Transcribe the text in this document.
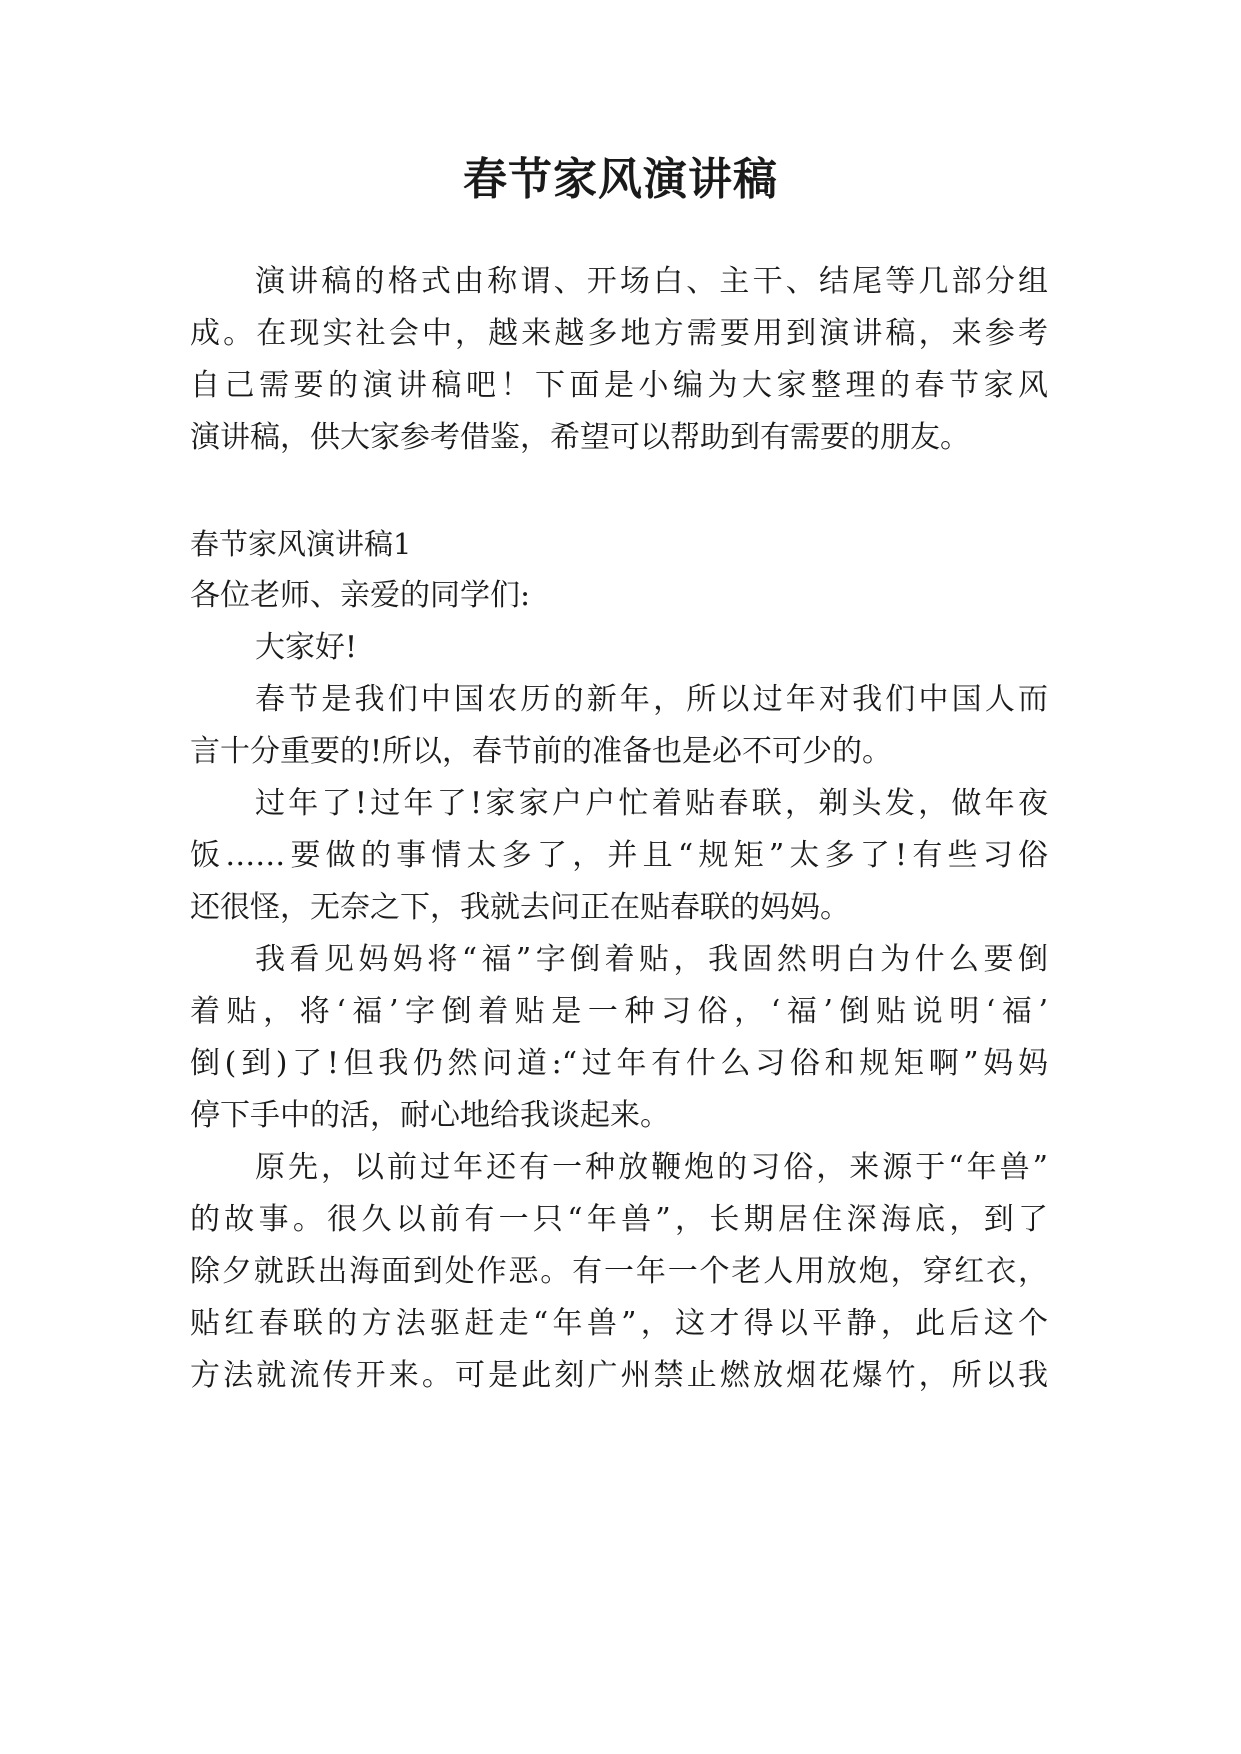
春节家风演讲稿

演讲稿的格式由称谓、开场白、主干、结尾等几部分组

成。在现实社会中，越来越多地方需要用到演讲稿，来参考

自己需要的演讲稿吧！下面是小编为大家整理的春节家风

演讲稿，供大家参考借鉴，希望可以帮助到有需要的朋友。

春节家风演讲稿1

各位老师、亲爱的同学们:

大家好!

春节是我们中国农历的新年，所以过年对我们中国人而

言十分重要的!所以，春节前的准备也是必不可少的。

过年了!过年了!家家户户忙着贴春联，剃头发，做年夜

饭……要做的事情太多了，并且“规矩”太多了!有些习俗

还很怪，无奈之下，我就去问正在贴春联的妈妈。

我看见妈妈将“福”字倒着贴，我固然明白为什么要倒

着贴，将‘福’字倒着贴是一种习俗，‘福’倒贴说明‘福’

倒(到)了!但我仍然问道:“过年有什么习俗和规矩啊”妈妈

停下手中的活，耐心地给我谈起来。

原先，以前过年还有一种放鞭炮的习俗，来源于“年兽”

的故事。很久以前有一只“年兽”，长期居住深海底，到了

除夕就跃出海面到处作恶。有一年一个老人用放炮，穿红衣，

贴红春联的方法驱赶走“年兽”，这才得以平静，此后这个

方法就流传开来。可是此刻广州禁止燃放烟花爆竹，所以我
